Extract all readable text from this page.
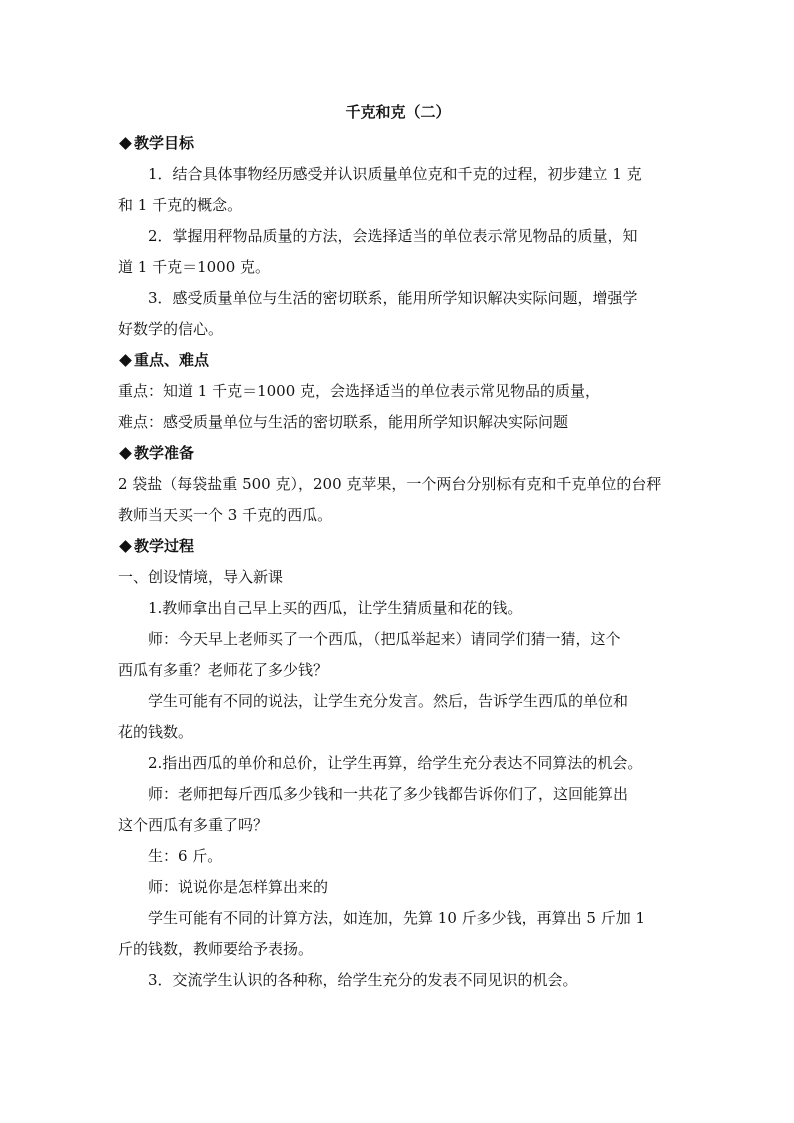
千克和克（二）

教学目标

1．结合具体事物经历感受并认识质量单位克和千克的过程，初步建立 1 克

和 1 千克的概念。

2．掌握用秤物品质量的方法，会选择适当的单位表示常见物品的质量，知

道 1 千克＝1000 克。

3．感受质量单位与生活的密切联系，能用所学知识解决实际问题，增强学

好数学的信心。

重点、难点

重点：知道 1 千克＝1000 克，会选择适当的单位表示常见物品的质量，

难点：感受质量单位与生活的密切联系，能用所学知识解决实际问题

教学准备

2 袋盐（每袋盐重 500 克），200 克苹果，一个两台分别标有克和千克单位的台秤

教师当天买一个 3 千克的西瓜。

教学过程

一、创设情境，导入新课

1.教师拿出自己早上买的西瓜，让学生猜质量和花的钱。

师：今天早上老师买了一个西瓜，（把瓜举起来）请同学们猜一猜，这个

西瓜有多重？老师花了多少钱？

学生可能有不同的说法，让学生充分发言。然后，告诉学生西瓜的单位和

花的钱数。

2.指出西瓜的单价和总价，让学生再算，给学生充分表达不同算法的机会。

师：老师把每斤西瓜多少钱和一共花了多少钱都告诉你们了，这回能算出

这个西瓜有多重了吗？

生：6 斤。

师：说说你是怎样算出来的

学生可能有不同的计算方法，如连加，先算 10 斤多少钱，再算出 5 斤加 1

斤的钱数，教师要给予表扬。

3．交流学生认识的各种称，给学生充分的发表不同见识的机会。
